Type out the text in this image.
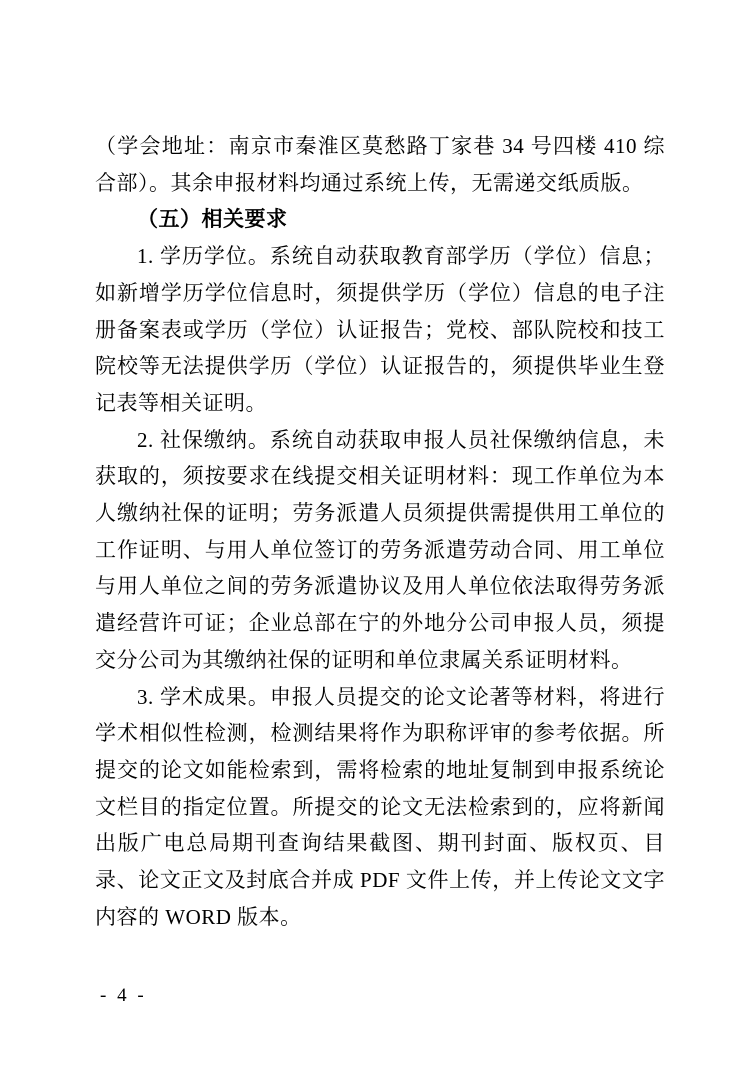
（学会地址：南京市秦淮区莫愁路丁家巷 34 号四楼 410 综合部）。其余申报材料均通过系统上传，无需递交纸质版。

（五）相关要求

1. 学历学位。系统自动获取教育部学历（学位）信息；如新增学历学位信息时，须提供学历（学位）信息的电子注册备案表或学历（学位）认证报告；党校、部队院校和技工院校等无法提供学历（学位）认证报告的，须提供毕业生登记表等相关证明。

2. 社保缴纳。系统自动获取申报人员社保缴纳信息，未获取的，须按要求在线提交相关证明材料：现工作单位为本人缴纳社保的证明；劳务派遣人员须提供需提供用工单位的工作证明、与用人单位签订的劳务派遣劳动合同、用工单位与用人单位之间的劳务派遣协议及用人单位依法取得劳务派遣经营许可证；企业总部在宁的外地分公司申报人员，须提交分公司为其缴纳社保的证明和单位隶属关系证明材料。

3. 学术成果。申报人员提交的论文论著等材料，将进行学术相似性检测，检测结果将作为职称评审的参考依据。所提交的论文如能检索到，需将检索的地址复制到申报系统论文栏目的指定位置。所提交的论文无法检索到的，应将新闻出版广电总局期刊查询结果截图、期刊封面、版权页、目录、论文正文及封底合并成 PDF 文件上传，并上传论文文字内容的 WORD 版本。

- 4 -
